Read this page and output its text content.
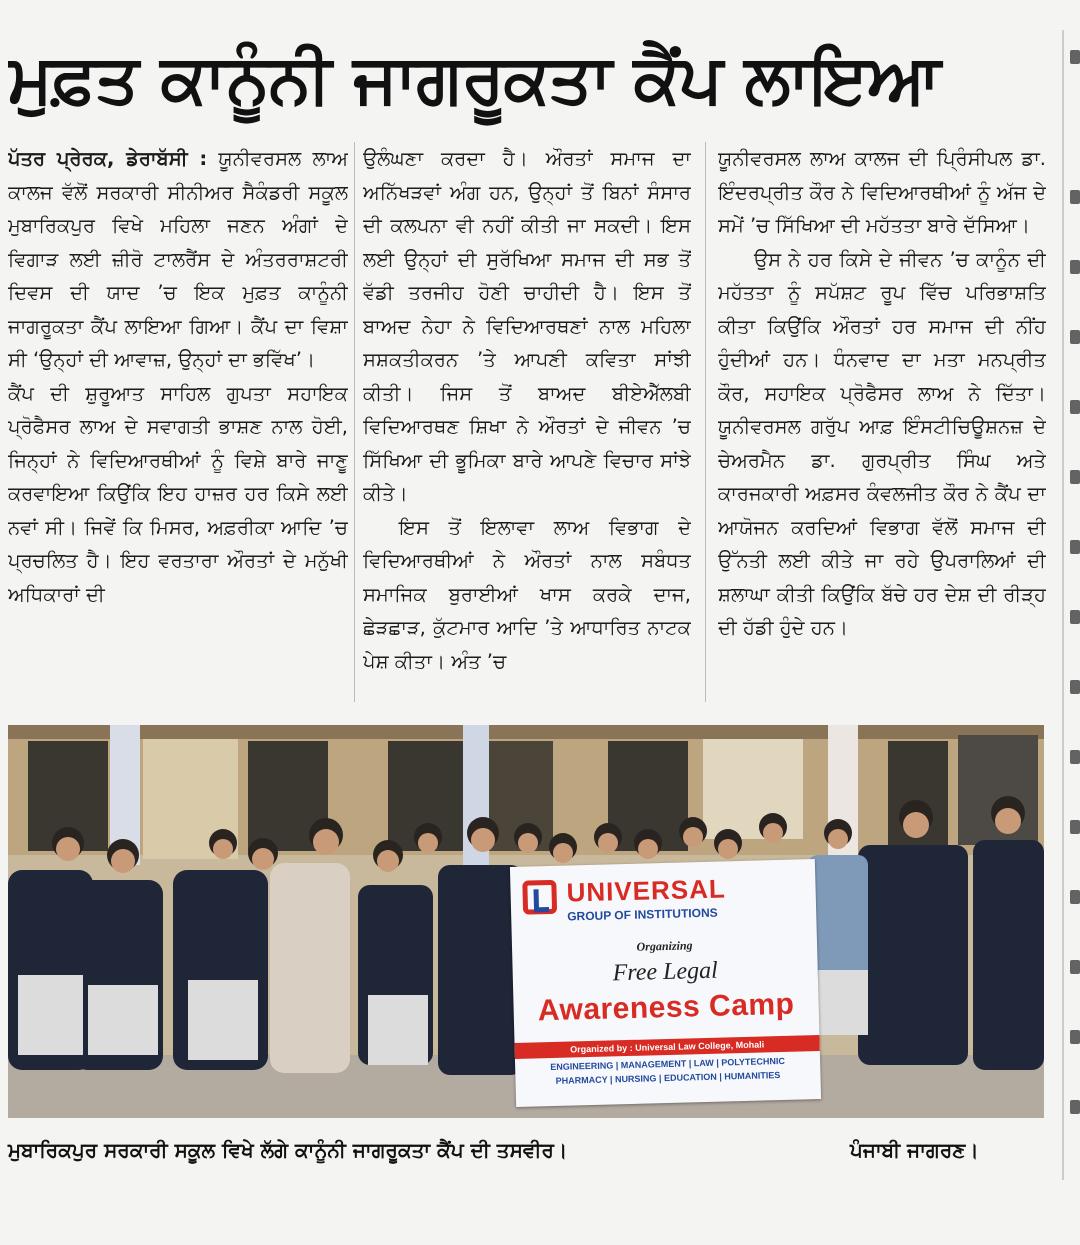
ਮੁਫ਼ਤ ਕਾਨੂੰਨੀ ਜਾਗਰੂਕਤਾ ਕੈਂਪ ਲਾਇਆ

ਪੱਤਰ ਪ੍ਰੇਰਕ, ਡੇਰਾਬੱਸੀ : ਯੂਨੀਵਰਸਲ ਲਾਅ ਕਾਲਜ ਵੱਲੋਂ ਸਰਕਾਰੀ ਸੀਨੀਅਰ ਸੈਕੰਡਰੀ ਸਕੂਲ ਮੁਬਾਰਿਕਪੁਰ ਵਿਖੇ ਮਹਿਲਾ ਜਣਨ ਅੰਗਾਂ ਦੇ ਵਿਗਾੜ ਲਈ ਜ਼ੀਰੋ ਟਾਲਰੈਂਸ ਦੇ ਅੰਤਰਰਾਸ਼ਟਰੀ ਦਿਵਸ ਦੀ ਯਾਦ ’ਚ ਇਕ ਮੁਫ਼ਤ ਕਾਨੂੰਨੀ ਜਾਗਰੂਕਤਾ ਕੈਂਪ ਲਾਇਆ ਗਿਆ। ਕੈਂਪ ਦਾ ਵਿਸ਼ਾ ਸੀ ‘ਉਨ੍ਹਾਂ ਦੀ ਆਵਾਜ਼, ਉਨ੍ਹਾਂ ਦਾ ਭਵਿੱਖ’।

ਕੈਂਪ ਦੀ ਸ਼ੁਰੂਆਤ ਸਾਹਿਲ ਗੁਪਤਾ ਸਹਾਇਕ ਪ੍ਰੋਫੈਸਰ ਲਾਅ ਦੇ ਸਵਾਗਤੀ ਭਾਸ਼ਣ ਨਾਲ ਹੋਈ, ਜਿਨ੍ਹਾਂ ਨੇ ਵਿਦਿਆਰਥੀਆਂ ਨੂੰ ਵਿਸ਼ੇ ਬਾਰੇ ਜਾਣੂ ਕਰਵਾਇਆ ਕਿਉਂਕਿ ਇਹ ਹਾਜ਼ਰ ਹਰ ਕਿਸੇ ਲਈ ਨਵਾਂ ਸੀ। ਜਿਵੇਂ ਕਿ ਮਿਸਰ, ਅਫ਼ਰੀਕਾ ਆਦਿ ’ਚ ਪ੍ਰਚਲਿਤ ਹੈ। ਇਹ ਵਰਤਾਰਾ ਔਰਤਾਂ ਦੇ ਮਨੁੱਖੀ ਅਧਿਕਾਰਾਂ ਦੀ

ਉਲੰਘਣਾ ਕਰਦਾ ਹੈ। ਔਰਤਾਂ ਸਮਾਜ ਦਾ ਅਨਿੱਖੜਵਾਂ ਅੰਗ ਹਨ, ਉਨ੍ਹਾਂ ਤੋਂ ਬਿਨਾਂ ਸੰਸਾਰ ਦੀ ਕਲਪਨਾ ਵੀ ਨਹੀਂ ਕੀਤੀ ਜਾ ਸਕਦੀ। ਇਸ ਲਈ ਉਨ੍ਹਾਂ ਦੀ ਸੁਰੱਖਿਆ ਸਮਾਜ ਦੀ ਸਭ ਤੋਂ ਵੱਡੀ ਤਰਜੀਹ ਹੋਣੀ ਚਾਹੀਦੀ ਹੈ। ਇਸ ਤੋਂ ਬਾਅਦ ਨੇਹਾ ਨੇ ਵਿਦਿਆਰਥਣਾਂ ਨਾਲ ਮਹਿਲਾ ਸਸ਼ਕਤੀਕਰਨ ’ਤੇ ਆਪਣੀ ਕਵਿਤਾ ਸਾਂਝੀ ਕੀਤੀ। ਜਿਸ ਤੋਂ ਬਾਅਦ ਬੀਏਐੱਲਬੀ ਵਿਦਿਆਰਥਣ ਸ਼ਿਖਾ ਨੇ ਔਰਤਾਂ ਦੇ ਜੀਵਨ ’ਚ ਸਿੱਖਿਆ ਦੀ ਭੂਮਿਕਾ ਬਾਰੇ ਆਪਣੇ ਵਿਚਾਰ ਸਾਂਝੇ ਕੀਤੇ।

ਇਸ ਤੋਂ ਇਲਾਵਾ ਲਾਅ ਵਿਭਾਗ ਦੇ ਵਿਦਿਆਰਥੀਆਂ ਨੇ ਔਰਤਾਂ ਨਾਲ ਸਬੰਧਤ ਸਮਾਜਿਕ ਬੁਰਾਈਆਂ ਖਾਸ ਕਰਕੇ ਦਾਜ, ਛੇੜਛਾੜ, ਕੁੱਟਮਾਰ ਆਦਿ ’ਤੇ ਆਧਾਰਿਤ ਨਾਟਕ ਪੇਸ਼ ਕੀਤਾ। ਅੰਤ ’ਚ

ਯੂਨੀਵਰਸਲ ਲਾਅ ਕਾਲਜ ਦੀ ਪ੍ਰਿੰਸੀਪਲ ਡਾ. ਇੰਦਰਪ੍ਰੀਤ ਕੌਰ ਨੇ ਵਿਦਿਆਰਥੀਆਂ ਨੂੰ ਅੱਜ ਦੇ ਸਮੇਂ ’ਚ ਸਿੱਖਿਆ ਦੀ ਮਹੱਤਤਾ ਬਾਰੇ ਦੱਸਿਆ।

ਉਸ ਨੇ ਹਰ ਕਿਸੇ ਦੇ ਜੀਵਨ ’ਚ ਕਾਨੂੰਨ ਦੀ ਮਹੱਤਤਾ ਨੂੰ ਸਪੱਸ਼ਟ ਰੂਪ ਵਿੱਚ ਪਰਿਭਾਸ਼ਤਿ ਕੀਤਾ ਕਿਉਂਕਿ ਔਰਤਾਂ ਹਰ ਸਮਾਜ ਦੀ ਨੀਂਹ ਹੁੰਦੀਆਂ ਹਨ। ਧੰਨਵਾਦ ਦਾ ਮਤਾ ਮਨਪ੍ਰੀਤ ਕੌਰ, ਸਹਾਇਕ ਪ੍ਰੋਫੈਸਰ ਲਾਅ ਨੇ ਦਿੱਤਾ। ਯੂਨੀਵਰਸਲ ਗਰੁੱਪ ਆਫ਼ ਇੰਸਟੀਚਿਊਸ਼ਨਜ਼ ਦੇ ਚੇਅਰਮੈਨ ਡਾ. ਗੁਰਪ੍ਰੀਤ ਸਿੰਘ ਅਤੇ ਕਾਰਜਕਾਰੀ ਅਫ਼ਸਰ ਕੰਵਲਜੀਤ ਕੌਰ ਨੇ ਕੈਂਪ ਦਾ ਆਯੋਜਨ ਕਰਦਿਆਂ ਵਿਭਾਗ ਵੱਲੋਂ ਸਮਾਜ ਦੀ ਉੱਨਤੀ ਲਈ ਕੀਤੇ ਜਾ ਰਹੇ ਉਪਰਾਲਿਆਂ ਦੀ ਸ਼ਲਾਘਾ ਕੀਤੀ ਕਿਉਂਕਿ ਬੱਚੇ ਹਰ ਦੇਸ਼ ਦੀ ਰੀੜ੍ਹ ਦੀ ਹੱਡੀ ਹੁੰਦੇ ਹਨ।

UNIVERSAL
GROUP OF INSTITUTIONS
Organizing
Free Legal
Awareness Camp
Organized by : Universal Law College, Mohali
ENGINEERING | MANAGEMENT | LAW | POLYTECHNIC
PHARMACY | NURSING | EDUCATION | HUMANITIES
ਮੁਬਾਰਿਕਪੁਰ ਸਰਕਾਰੀ ਸਕੂਲ ਵਿਖੇ ਲੱਗੇ ਕਾਨੂੰਨੀ ਜਾਗਰੂਕਤਾ ਕੈਂਪ ਦੀ ਤਸਵੀਰ।	ਪੰਜਾਬੀ ਜਾਗਰਣ।
